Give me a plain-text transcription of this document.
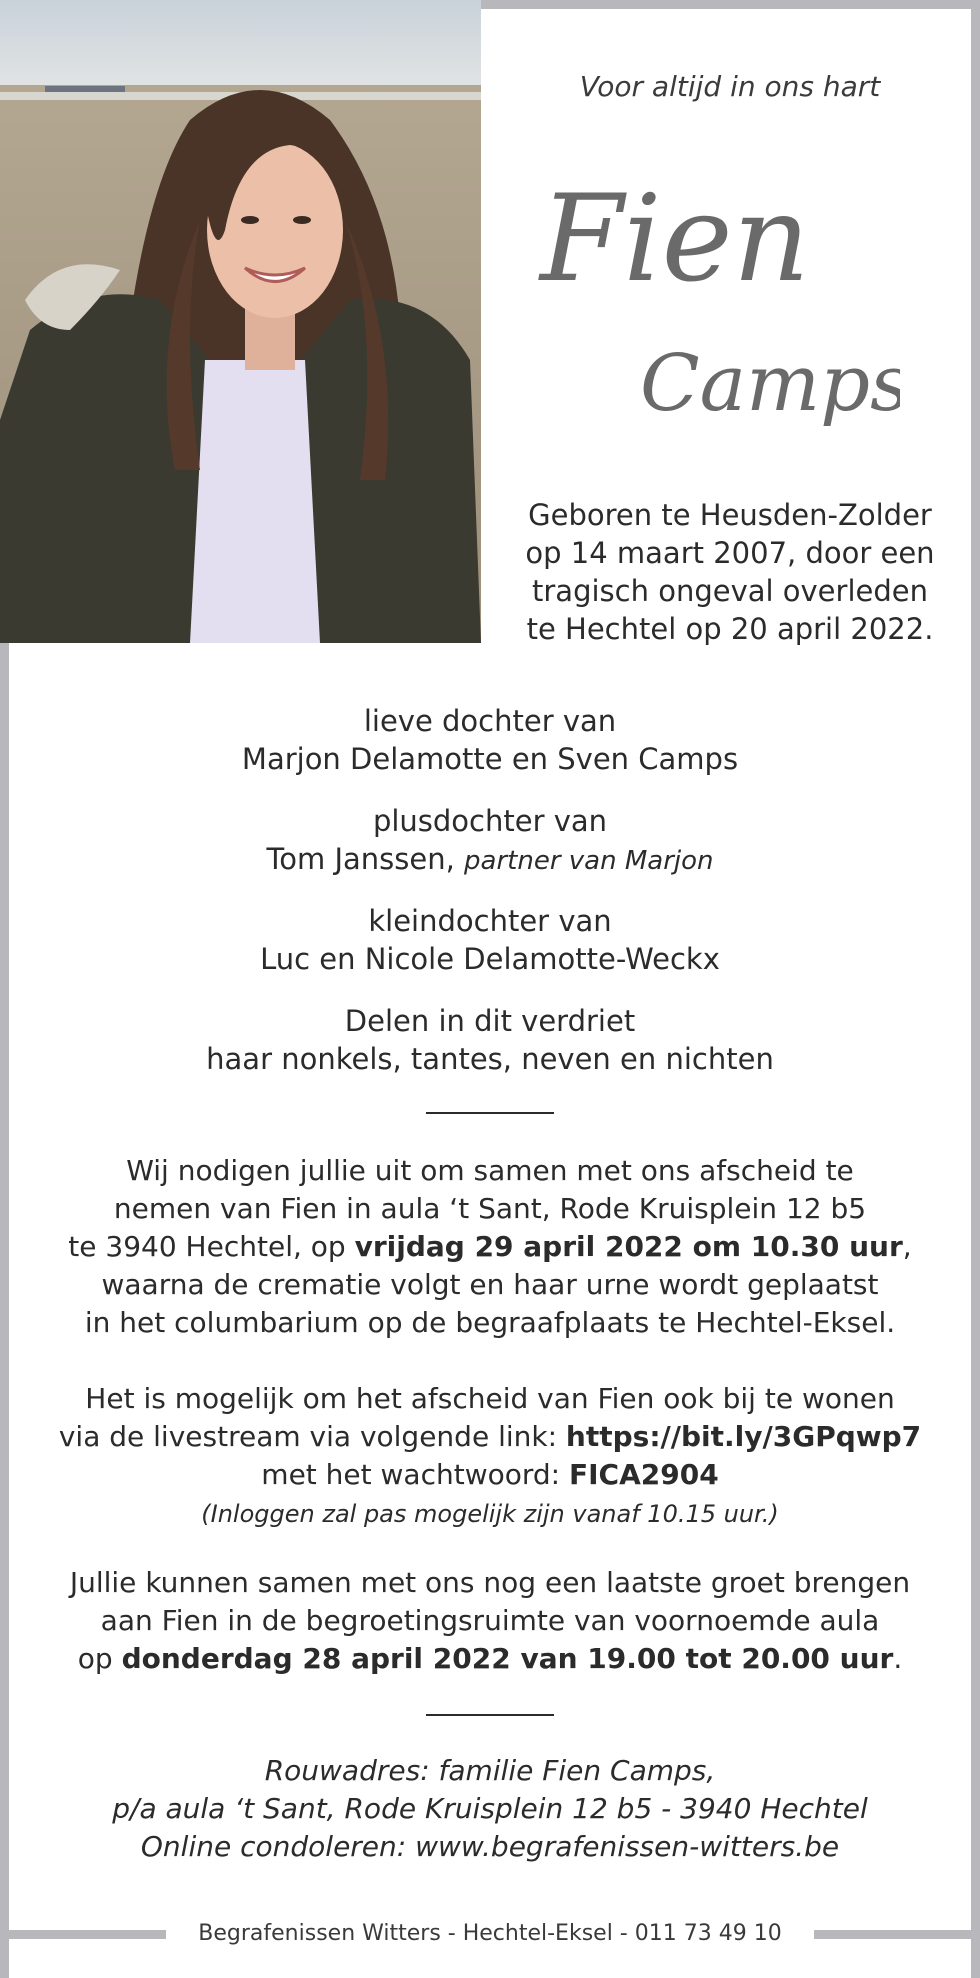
Voor altijd in ons hart
Fien
Camps
Geboren te Heusden-Zolder
op 14 maart 2007, door een
tragisch ongeval overleden
te Hechtel op 20 april 2022.
lieve dochter van
Marjon Delamotte en Sven Camps
plusdochter van
Tom Janssen, partner van Marjon
kleindochter van
Luc en Nicole Delamotte-Weckx
Delen in dit verdriet
haar nonkels, tantes, neven en nichten
Wij nodigen jullie uit om samen met ons afscheid te
nemen van Fien in aula ‘t Sant, Rode Kruisplein 12 b5
te 3940 Hechtel, op vrijdag 29 april 2022 om 10.30 uur,
waarna de crematie volgt en haar urne wordt geplaatst
in het columbarium op de begraafplaats te Hechtel-Eksel.
Het is mogelijk om het afscheid van Fien ook bij te wonen
via de livestream via volgende link: https://bit.ly/3GPqwp7
met het wachtwoord: FICA2904
(Inloggen zal pas mogelijk zijn vanaf 10.15 uur.)
Jullie kunnen samen met ons nog een laatste groet brengen
aan Fien in de begroetingsruimte van voornoemde aula
op donderdag 28 april 2022 van 19.00 tot 20.00 uur.
Rouwadres: familie Fien Camps,
p/a aula ‘t Sant, Rode Kruisplein 12 b5 - 3940 Hechtel
Online condoleren: www.begrafenissen-witters.be
Begrafenissen Witters - Hechtel-Eksel - 011 73 49 10
